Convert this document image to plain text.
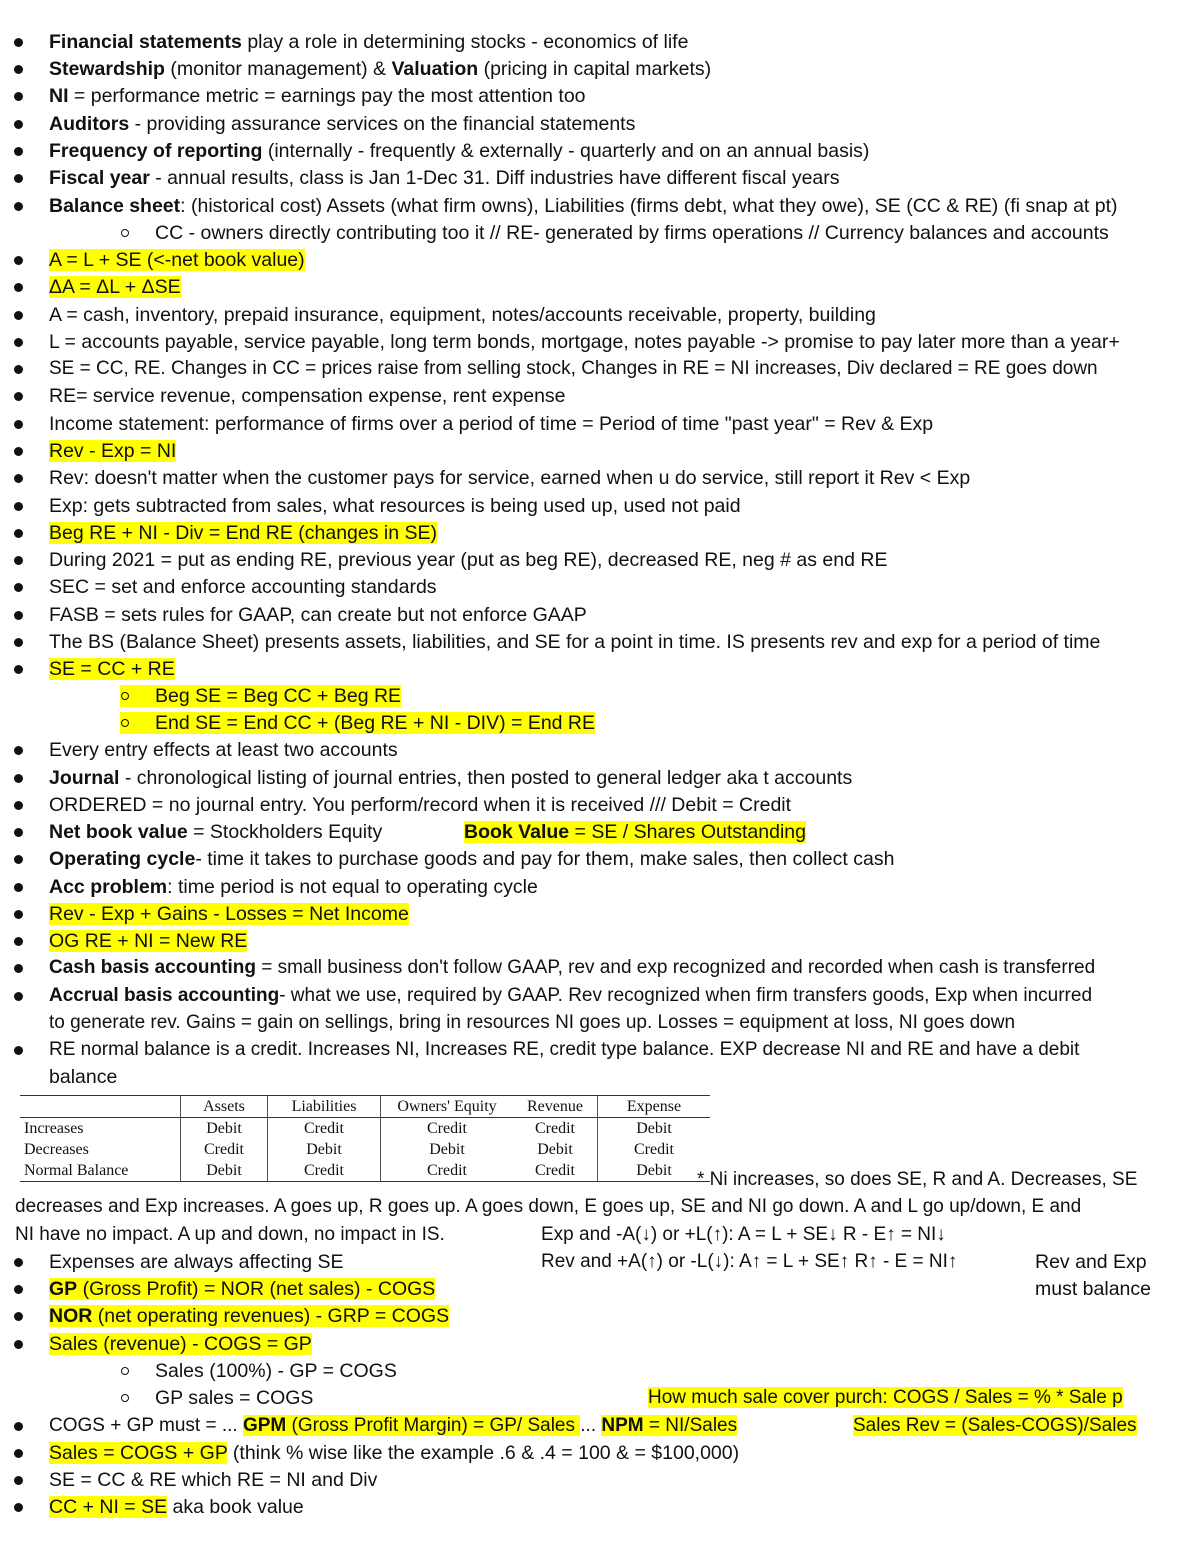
Financial statements play a role in determining stocks - economics of life
Stewardship (monitor management) & Valuation (pricing in capital markets)
NI = performance metric = earnings pay the most attention too
Auditors - providing assurance services on the financial statements
Frequency of reporting (internally - frequently & externally - quarterly and on an annual basis)
Fiscal year - annual results, class is Jan 1-Dec 31. Diff industries have different fiscal years
Balance sheet: (historical cost) Assets (what firm owns), Liabilities (firms debt, what they owe), SE (CC & RE) (fi snap at pt)
CC - owners directly contributing too it // RE- generated by firms operations // Currency balances and accounts
A = L + SE (<-net book value)
ΔA = ΔL + ΔSE
A = cash, inventory, prepaid insurance, equipment, notes/accounts receivable, property, building
L = accounts payable, service payable, long term bonds, mortgage, notes payable -> promise to pay later more than a year+
SE = CC, RE. Changes in CC = prices raise from selling stock, Changes in RE = NI increases, Div declared = RE goes down
RE= service revenue, compensation expense, rent expense
Income statement: performance of firms over a period of time = Period of time "past year" = Rev & Exp
Rev - Exp = NI
Rev: doesn't matter when the customer pays for service, earned when u do service, still report it Rev < Exp
Exp: gets subtracted from sales, what resources is being used up, used not paid
Beg RE + NI - Div = End RE (changes in SE)
During 2021 = put as ending RE, previous year (put as beg RE), decreased RE, neg # as end RE
SEC = set and enforce accounting standards
FASB = sets rules for GAAP, can create but not enforce GAAP
The BS (Balance Sheet) presents assets, liabilities, and SE for a point in time. IS presents rev and exp for a period of time
SE = CC + RE
Beg SE = Beg CC + Beg RE
End SE = End CC + (Beg RE + NI - DIV) = End RE
Every entry effects at least two accounts
Journal - chronological listing of journal entries, then posted to general ledger aka t accounts
ORDERED = no journal entry. You perform/record when it is received /// Debit = Credit
Net book value = Stockholders Equity	Book Value = SE / Shares Outstanding
Operating cycle- time it takes to purchase goods and pay for them, make sales, then collect cash
Acc problem: time period is not equal to operating cycle
Rev - Exp + Gains - Losses = Net Income
OG RE + NI = New RE
Cash basis accounting = small business don't follow GAAP, rev and exp recognized and recorded when cash is transferred
Accrual basis accounting- what we use, required by GAAP. Rev recognized when firm transfers goods, Exp when incurred
to generate rev. Gains = gain on sellings, bring in resources NI goes up. Losses = equipment at loss, NI goes down
RE normal balance is a credit. Increases NI, Increases RE, credit type balance. EXP decrease NI and RE and have a debit
balance
	Assets	Liabilities	Owners' Equity	Revenue	Expense
Increases	Debit	Credit	Credit	Credit	Debit
Decreases	Credit	Debit	Debit	Debit	Credit
Normal Balance	Debit	Credit	Credit	Credit	Debit * Ni increases, so does SE, R and A. Decreases, SE
decreases and Exp increases. A goes up, R goes up. A goes down, E goes up, SE and NI go down. A and L go up/down, E and
NI have no impact. A up and down, no impact in IS.	Exp and -A(↓) or +L(↑): A = L + SE↓ R - E↑ = NI↓
Expenses are always affecting SE	Rev and +A(↑) or -L(↓): A↑ = L + SE↑ R↑ - E = NI↑	Rev and Exp
must balance
GP (Gross Profit) = NOR (net sales) - COGS
NOR (net operating revenues) - GRP = COGS
Sales (revenue) - COGS = GP
Sales (100%) - GP = COGS
GP sales = COGS	How much sale cover purch: COGS / Sales = % * Sale p
COGS + GP must = ... GPM (Gross Profit Margin) = GP/ Sales ... NPM = NI/Sales	Sales Rev = (Sales-COGS)/Sales
Sales = COGS + GP (think % wise like the example .6 & .4 = 100 & = $100,000)
SE = CC & RE which RE = NI and Div
CC + NI = SE aka book value
